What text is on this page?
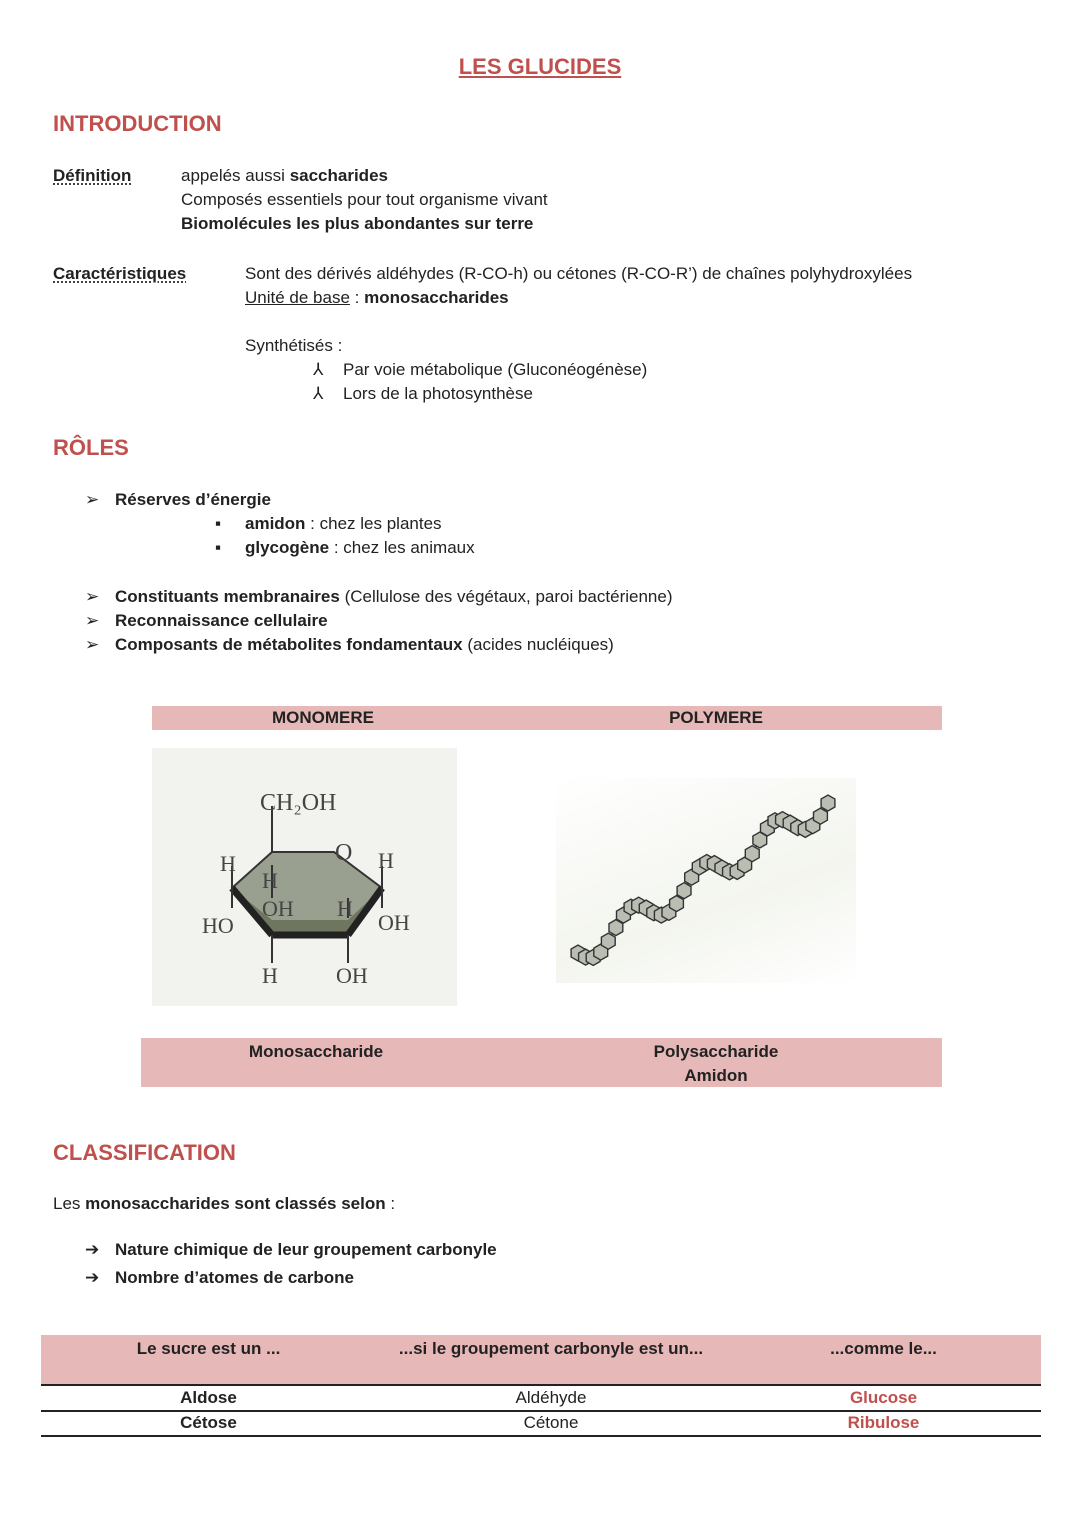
LES GLUCIDES
INTRODUCTION
Définition	appelés aussi saccharides
Composés essentiels pour tout organisme vivant
Biomolécules les plus abondantes sur terre
Caractéristiques	Sont des dérivés aldéhydes (R-CO-h) ou cétones (R-CO-R’) de chaînes polyhydroxylées
Unité de base : monosaccharides
Synthétisés :
⅄ Par voie métabolique (Gluconéogénèse)
⅄ Lors de la photosynthèse
RÔLES
➢ Réserves d’énergie
▪ amidon : chez les plantes
▪ glycogène : chez les animaux
➢ Constituants membranaires (Cellulose des végétaux, paroi bactérienne)
➢ Reconnaissance cellulaire
➢ Composants de métabolites fondamentaux (acides nucléiques)
MONOMERE	POLYMERE
CH₂OH
O
H
H
H
OH H
HO	OH
H	OH
Monosaccharide	Polysaccharide
Amidon
CLASSIFICATION
Les monosaccharides sont classés selon :
➔ Nature chimique de leur groupement carbonyle
➔ Nombre d’atomes de carbone
Le sucre est un ...	...si le groupement carbonyle est un...	...comme le...
Aldose	Aldéhyde	Glucose
Cétose	Cétone	Ribulose
